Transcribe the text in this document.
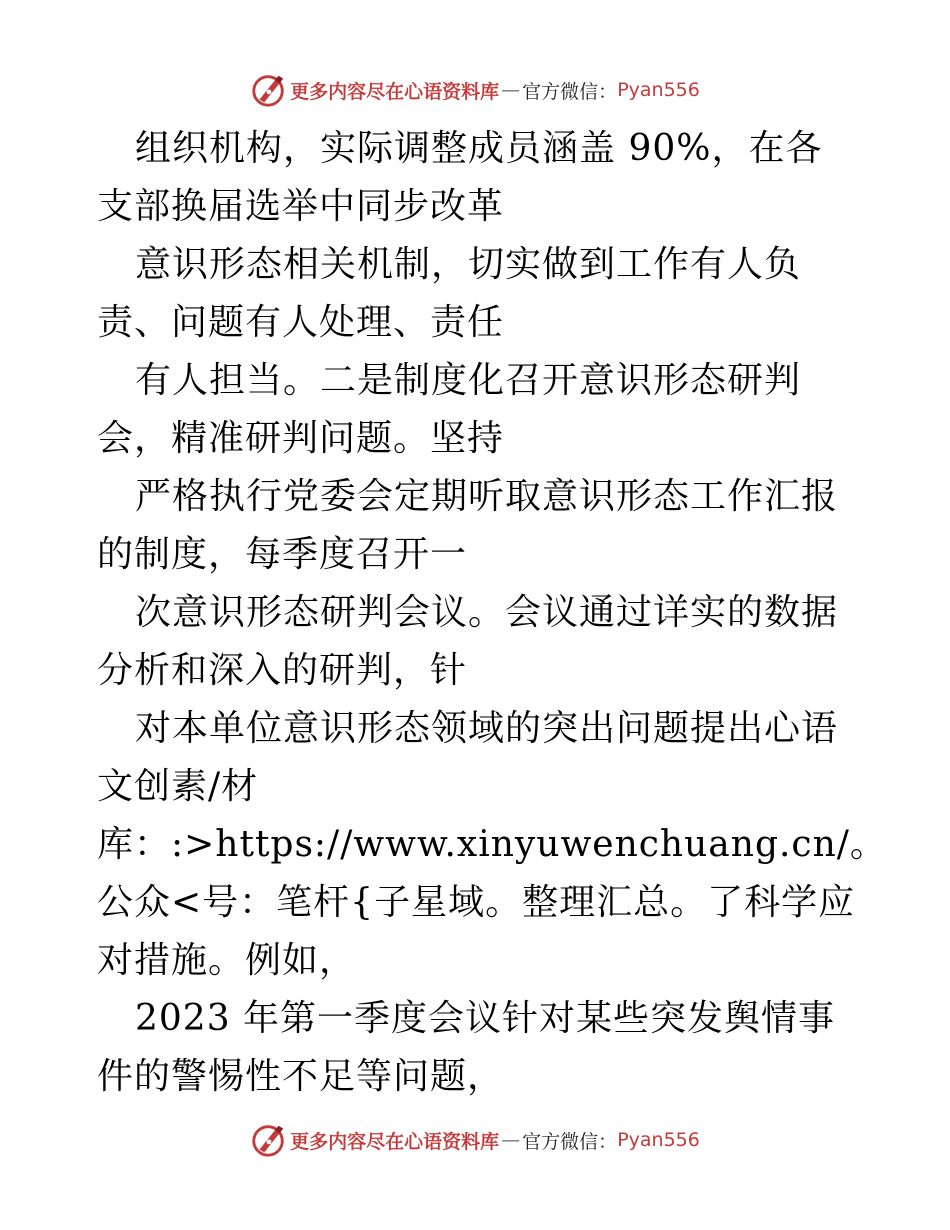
更多内容尽在心语资料库 — 官方微信： Pyan556

组织机构，实际调整成员涵盖 90%，在各支部换届选举中同步改革

意识形态相关机制，切实做到工作有人负责、问题有人处理、责任

有人担当。二是制度化召开意识形态研判会，精准研判问题。坚持

严格执行党委会定期听取意识形态工作汇报的制度，每季度召开一

次意识形态研判会议。会议通过详实的数据分析和深入的研判，针

对本单位意识形态领域的突出问题提出心语文创素/材库：:>https://www.xinyuwenchuang.cn/。公众<号：笔杆{子星域。整理汇总。了科学应对措施。例如，

2023 年第一季度会议针对某些突发舆情事件的警惕性不足等问题，

更多内容尽在心语资料库 — 官方微信： Pyan556
